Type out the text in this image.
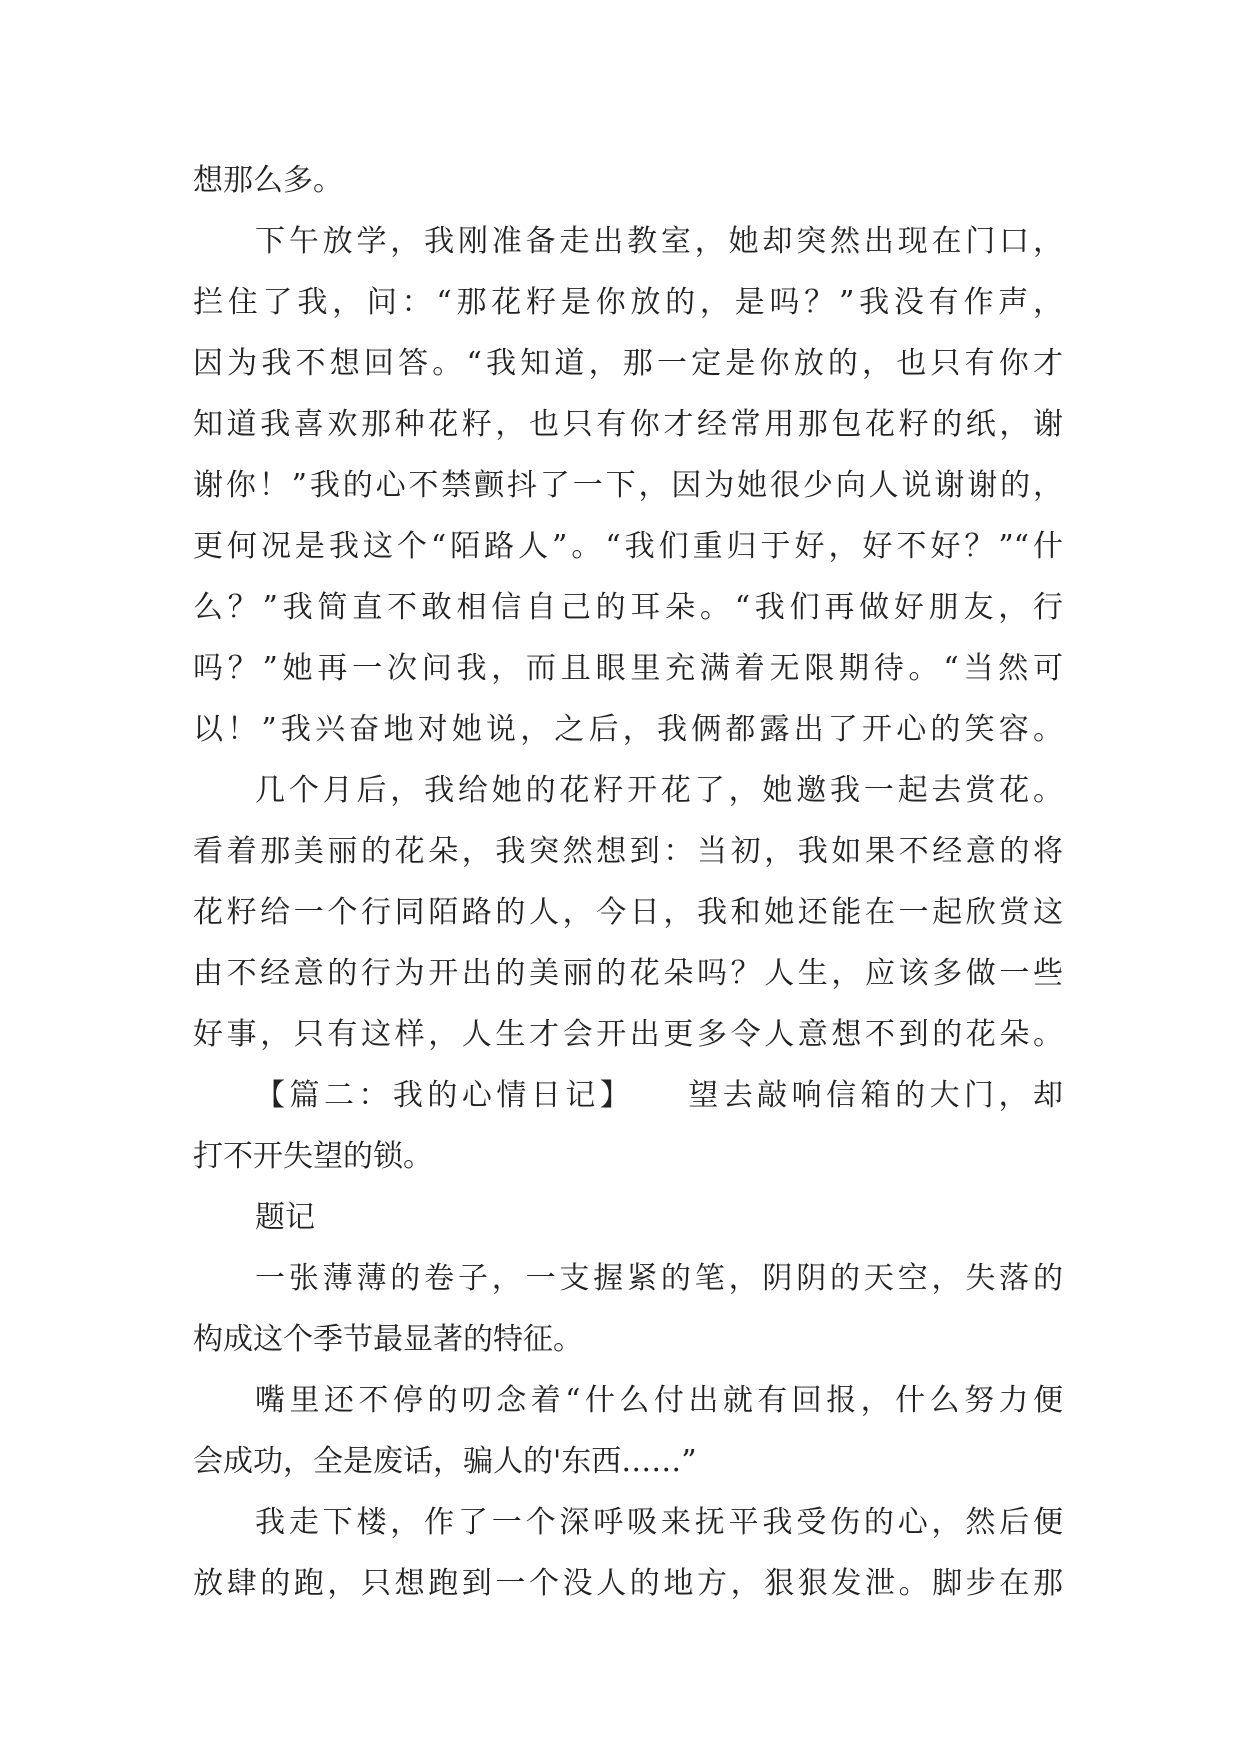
想那么多。
下午放学，我刚准备走出教室，她却突然出现在门口，
拦住了我，问：“那花籽是你放的，是吗？”我没有作声，
因为我不想回答。“我知道，那一定是你放的，也只有你才
知道我喜欢那种花籽，也只有你才经常用那包花籽的纸，谢
谢你！”我的心不禁颤抖了一下，因为她很少向人说谢谢的，
更何况是我这个“陌路人”。“我们重归于好，好不好？”“什
么？”我简直不敢相信自己的耳朵。“我们再做好朋友，行
吗？”她再一次问我，而且眼里充满着无限期待。“当然可
以！”我兴奋地对她说，之后，我俩都露出了开心的笑容。
几个月后，我给她的花籽开花了，她邀我一起去赏花。
看着那美丽的花朵，我突然想到：当初，我如果不经意的将
花籽给一个行同陌路的人，今日，我和她还能在一起欣赏这
由不经意的行为开出的美丽的花朵吗？人生，应该多做一些
好事，只有这样，人生才会开出更多令人意想不到的花朵。
【篇二：我的心情日记】　　望去敲响信箱的大门，却
打不开失望的锁。
题记
一张薄薄的卷子，一支握紧的笔，阴阴的天空，失落的
构成这个季节最显著的特征。
嘴里还不停的叨念着“什么付出就有回报，什么努力便
会成功，全是废话，骗人的'东西……”
我走下楼，作了一个深呼吸来抚平我受伤的心，然后便
放肆的跑，只想跑到一个没人的地方，狠狠发泄。脚步在那
